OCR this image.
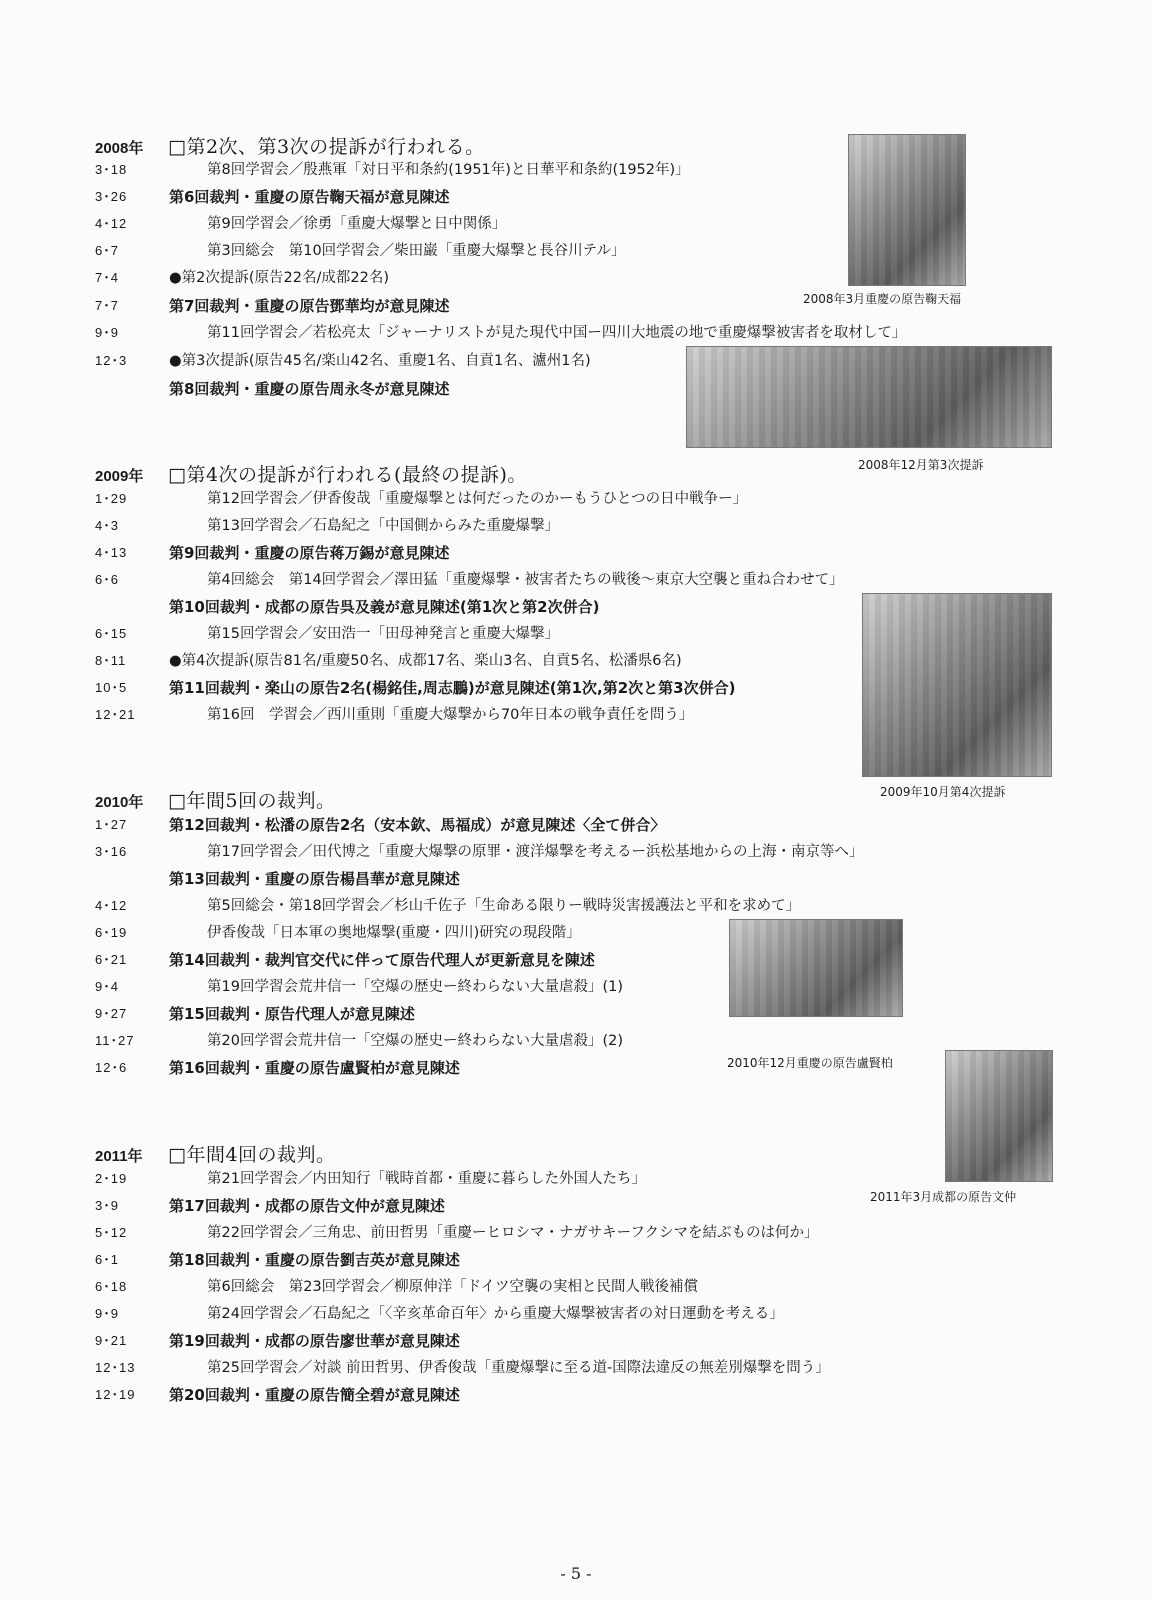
2008年 □第2次、第3次の提訴が行われる。
3･18	第8回学習会／殷燕軍「対日平和条約(1951年)と日華平和条約(1952年)」
3･26	第6回裁判・重慶の原告鞠天福が意見陳述
4･12	第9回学習会／徐勇「重慶大爆撃と日中関係」
6･7	第3回総会　第10回学習会／柴田巌「重慶大爆撃と長谷川テル」
7･4	●第2次提訴(原告22名/成都22名)
7･7	第7回裁判・重慶の原告鄧華均が意見陳述
9･9	第11回学習会／若松亮太「ジャーナリストが見た現代中国ー四川大地震の地で重慶爆撃被害者を取材して」
12･3	●第3次提訴(原告45名/楽山42名、重慶1名、自貢1名、瀘州1名)
第8回裁判・重慶の原告周永冬が意見陳述
2009年 □第4次の提訴が行われる(最終の提訴)。
1･29	第12回学習会／伊香俊哉「重慶爆撃とは何だったのかーもうひとつの日中戦争ー」
4･3	第13回学習会／石島紀之「中国側からみた重慶爆撃」
4･13	第9回裁判・重慶の原告蒋万錫が意見陳述
6･6	第4回総会　第14回学習会／澤田猛「重慶爆撃・被害者たちの戦後～東京大空襲と重ね合わせて」
第10回裁判・成都の原告呉及義が意見陳述(第1次と第2次併合)
6･15	第15回学習会／安田浩一「田母神発言と重慶大爆撃」
8･11	●第4次提訴(原告81名/重慶50名、成都17名、楽山3名、自貢5名、松潘県6名)
10･5	第11回裁判・楽山の原告2名(楊銘佳,周志鵬)が意見陳述(第1次,第2次と第3次併合)
12･21	第16回　学習会／西川重則「重慶大爆撃から70年日本の戦争責任を問う」
2010年 □年間5回の裁判。
1･27	第12回裁判・松潘の原告2名（安本欽、馬福成）が意見陳述〈全て併合〉
3･16	第17回学習会／田代博之「重慶大爆撃の原罪・渡洋爆撃を考えるー浜松基地からの上海・南京等へ」
第13回裁判・重慶の原告楊昌華が意見陳述
4･12	第5回総会・第18回学習会／杉山千佐子「生命ある限りー戦時災害援護法と平和を求めて」
6･19	伊香俊哉「日本軍の奥地爆撃(重慶・四川)研究の現段階」
6･21	第14回裁判・裁判官交代に伴って原告代理人が更新意見を陳述
9･4	第19回学習会荒井信一「空爆の歴史ー終わらない大量虐殺」(1)
9･27	第15回裁判・原告代理人が意見陳述
11･27	第20回学習会荒井信一「空爆の歴史ー終わらない大量虐殺」(2)
12･6	第16回裁判・重慶の原告盧賢柏が意見陳述
2011年 □年間4回の裁判。
2･19	第21回学習会／内田知行「戦時首都・重慶に暮らした外国人たち」
3･9	第17回裁判・成都の原告文仲が意見陳述
5･12	第22回学習会／三角忠、前田哲男「重慶ーヒロシマ・ナガサキーフクシマを結ぶものは何か」
6･1	第18回裁判・重慶の原告劉吉英が意見陳述
6･18	第6回総会　第23回学習会／柳原伸洋「ドイツ空襲の実相と民間人戦後補償
9･9	第24回学習会／石島紀之「〈辛亥革命百年〉から重慶大爆撃被害者の対日運動を考える」
9･21	第19回裁判・成都の原告廖世華が意見陳述
12･13	第25回学習会／対談 前田哲男、伊香俊哉「重慶爆撃に至る道-国際法違反の無差別爆撃を問う」
12･19	第20回裁判・重慶の原告簡全碧が意見陳述
2008年3月重慶の原告鞠天福
2008年12月第3次提訴
2009年10月第4次提訴
2010年12月重慶の原告盧賢柏
2011年3月成都の原告文仲
- 5 -
